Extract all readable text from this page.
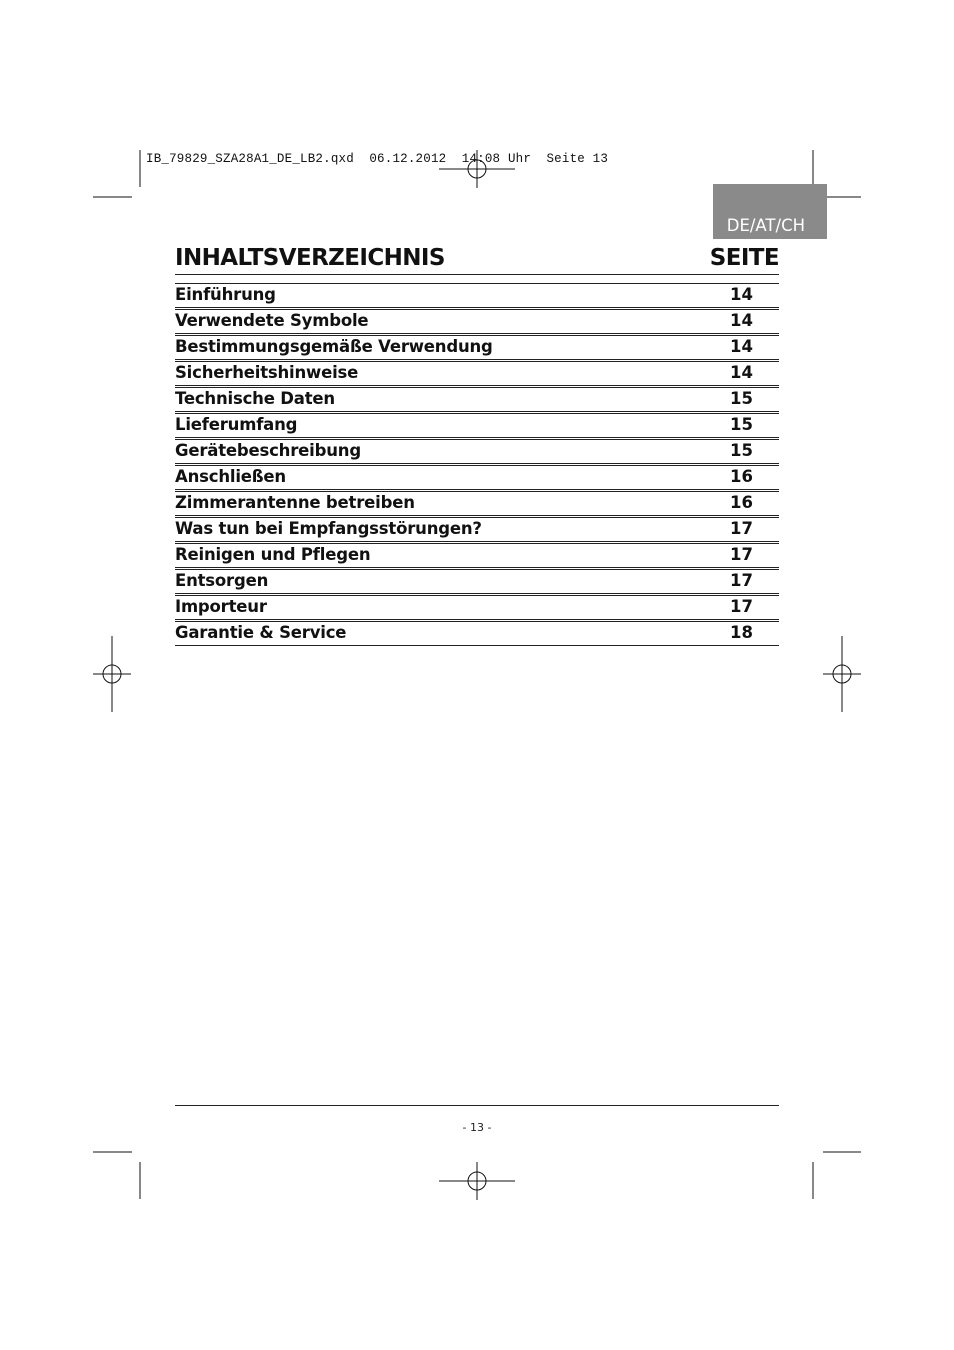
IB_79829_SZA28A1_DE_LB2.qxd  06.12.2012  14:08 Uhr  Seite 13
DE/AT/CH
INHALTSVERZEICHNIS	SEITE
Einführung	14
Verwendete Symbole	14
Bestimmungsgemäße Verwendung	14
Sicherheitshinweise	14
Technische Daten	15
Lieferumfang	15
Gerätebeschreibung	15
Anschließen	16
Zimmerantenne betreiben	16
Was tun bei Empfangsstörungen?	17
Reinigen und Pflegen	17
Entsorgen	17
Importeur	17
Garantie & Service	18
- 13 -
